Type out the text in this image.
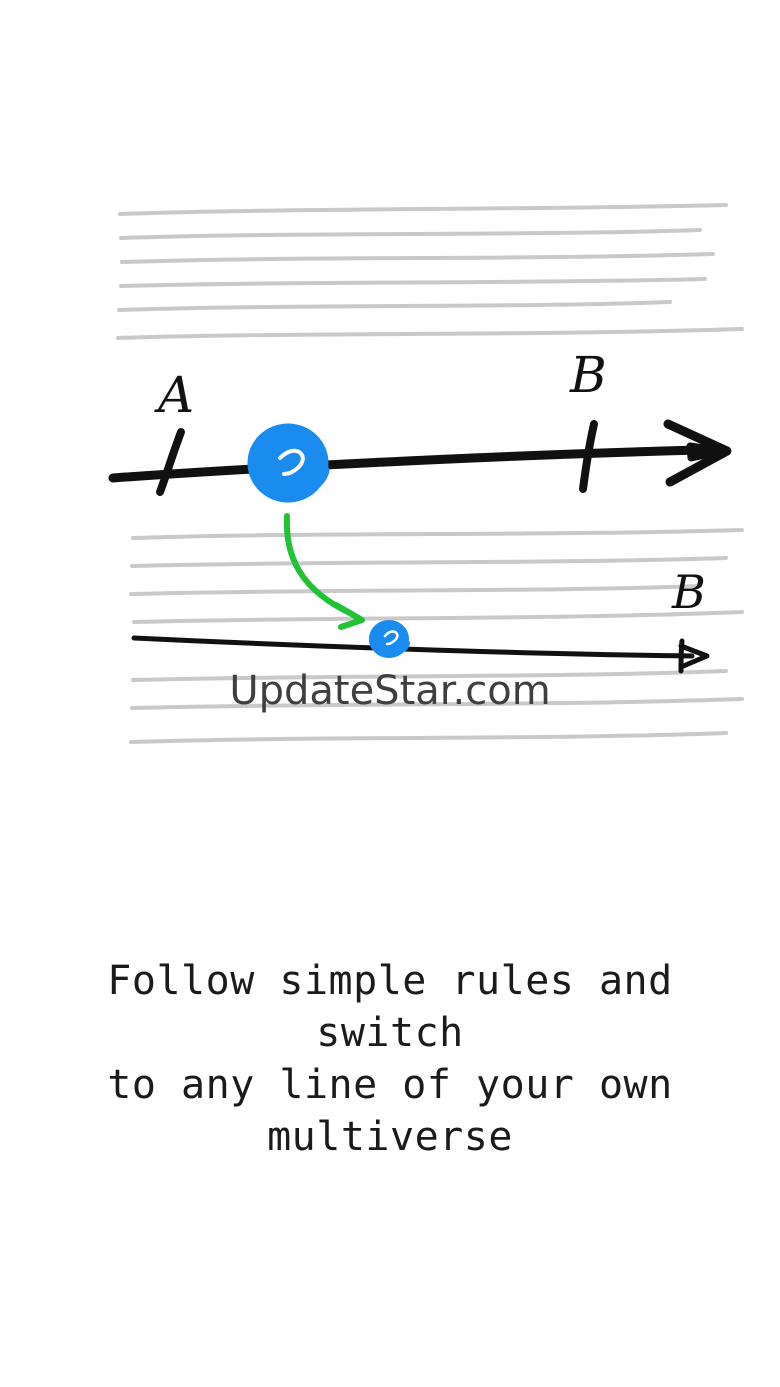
A	B
B
UpdateStar.com
Follow simple rules and switch
to any line of your own
multiverse
